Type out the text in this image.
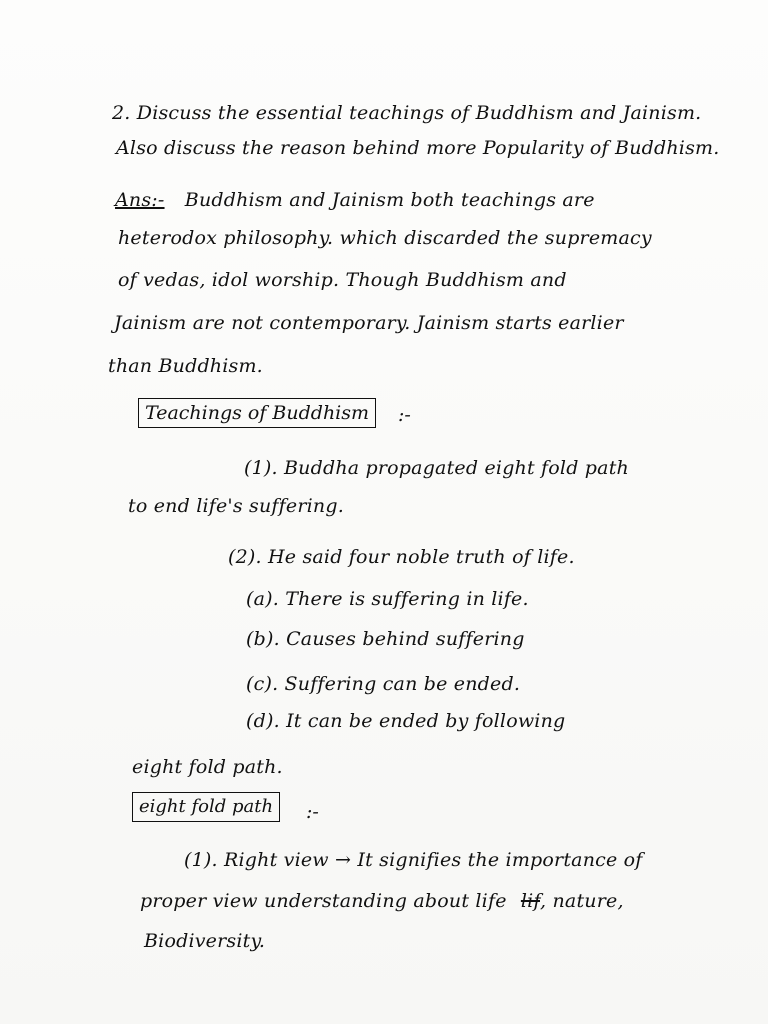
2. Discuss the essential teachings of Buddhism and Jainism.
Also discuss the reason behind more Popularity of Buddhism.
Ans:- Buddhism and Jainism both teachings are
heterodox philosophy. which discarded the supremacy
of vedas, idol worship. Though Buddhism and
Jainism are not contemporary. Jainism starts earlier
than Buddhism.
Teachings of Buddhism	:-
(1). Buddha propagated eight fold path
to end life's suffering.
(2). He said four noble truth of life.
(a). There is suffering in life.
(b). Causes behind suffering
(c). Suffering can be ended.
(d). It can be ended by following
eight fold path.
eight fold path	:-
(1). Right view → It signifies the importance of
proper view understanding about life lif, nature,
Biodiversity.
